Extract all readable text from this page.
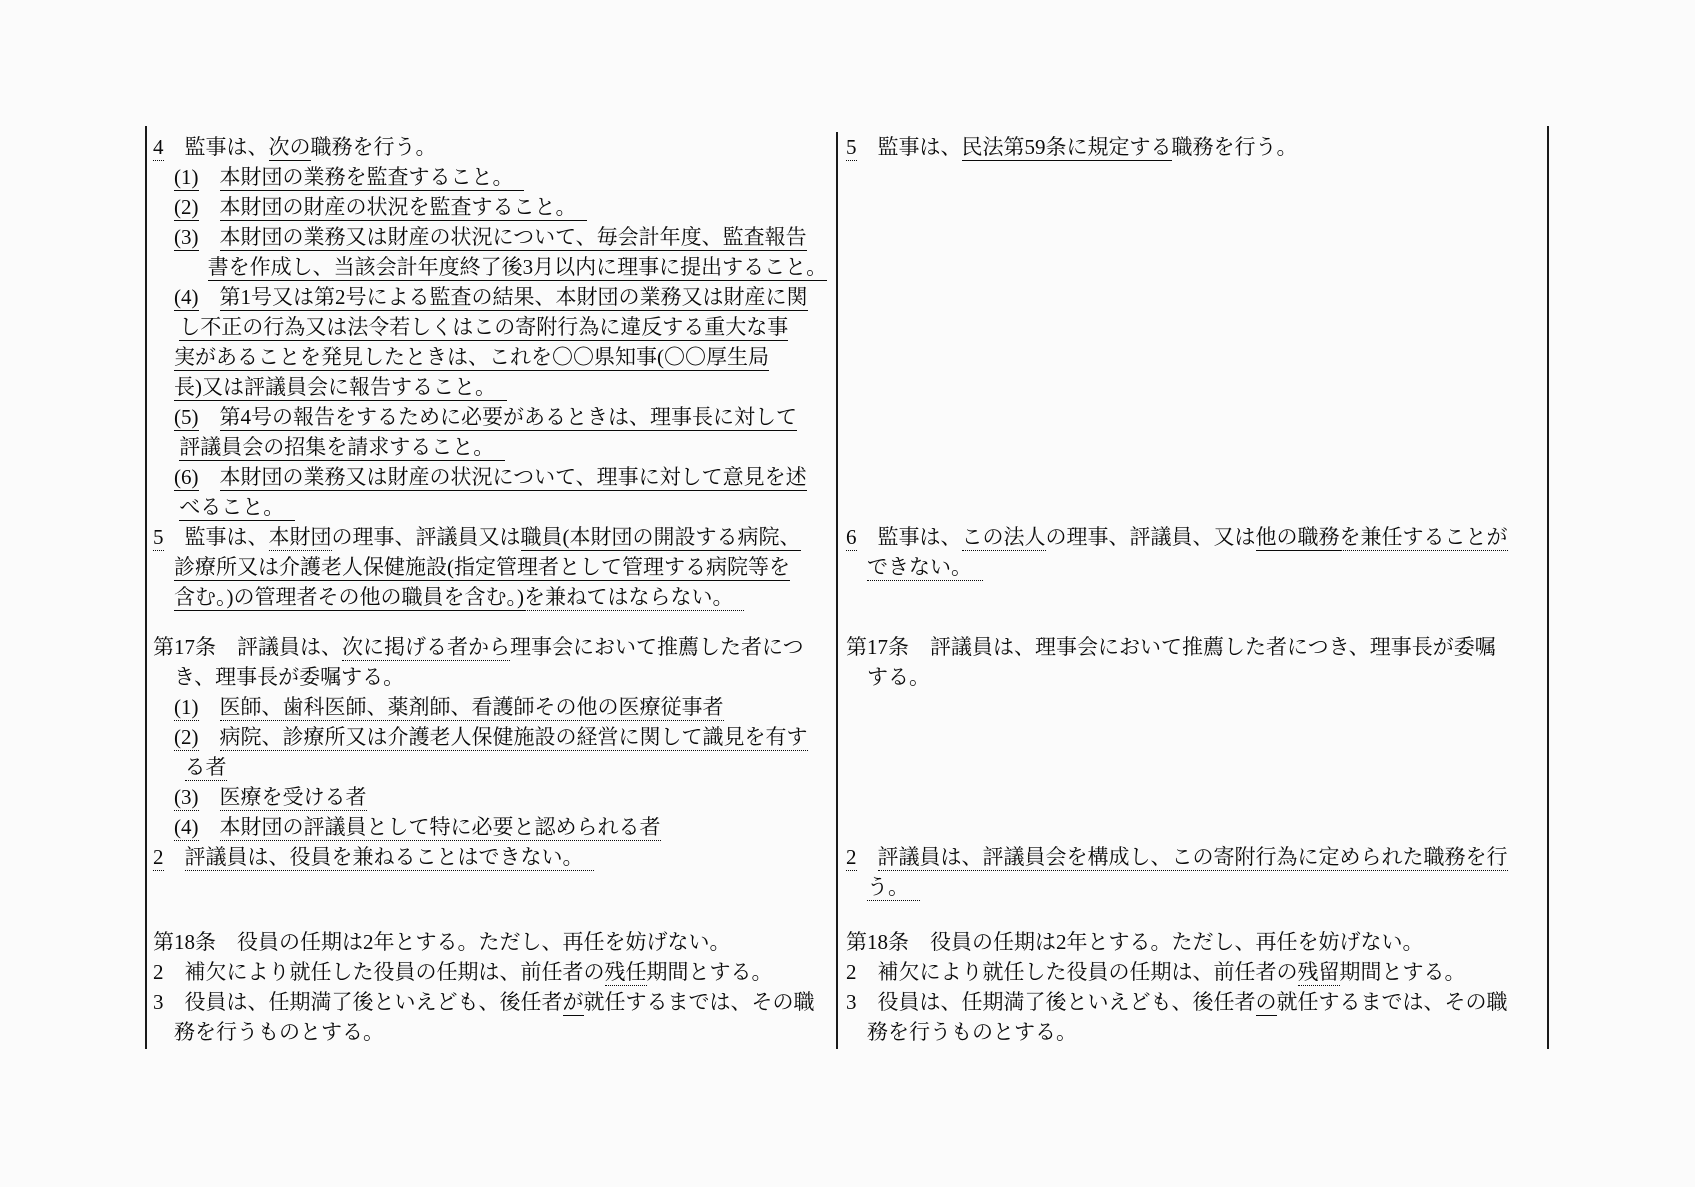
4　監事は、次の職務を行う。
(1)　 本財団の業務を監査すること。　
(2)　 本財団の財産の状況を監査すること。　
(3)　 本財団の業務又は財産の状況について、毎会計年度、監査報告
書を作成し、当該会計年度終了後3月以内に理事に提出すること。
(4)　 第1号又は第2号による監査の結果、本財団の業務又は財産に関
し不正の行為又は法令若しくはこの寄附行為に違反する重大な事
実があることを発見したときは、これを〇〇県知事(〇〇厚生局
長)又は評議員会に報告すること。　
(5)　 第4号の報告をするために必要があるときは、理事長に対して
評議員会の招集を請求すること。　
(6)　 本財団の業務又は財産の状況について、理事に対して意見を述
べること。　
5　監事は、民法第59条に規定する職務を行う。
5　監事は、本財団の理事、評議員又は職員(本財団の開設する病院、
診療所又は介護老人保健施設(指定管理者として管理する病院等を
含む。)の管理者その他の職員を含む。)を兼ねてはならない。　
6　監事は、この法人の理事、評議員、又は他の職務を兼任することが
できない。　
第17条　評議員は、次に掲げる者から理事会において推薦した者につ
き、理事長が委嘱する。
(1)　 医師、歯科医師、薬剤師、看護師その他の医療従事者
(2)　 病院、診療所又は介護老人保健施設の経営に関して識見を有す
る者
(3)　 医療を受ける者
(4)　 本財団の評議員として特に必要と認められる者
第17条　評議員は、理事会において推薦した者につき、理事長が委嘱
する。
2　 評議員は、役員を兼ねることはできない。　	2　 評議員は、評議員会を構成し、この寄附行為に定められた職務を行
う。　
第18条　役員の任期は2年とする。ただし、再任を妨げない。
2　補欠により就任した役員の任期は、前任者の残任期間とする。
3　役員は、任期満了後といえども、後任者が就任するまでは、その職
務を行うものとする。
第18条　役員の任期は2年とする。ただし、再任を妨げない。
2　補欠により就任した役員の任期は、前任者の残留期間とする。
3　役員は、任期満了後といえども、後任者の就任するまでは、その職
務を行うものとする。
